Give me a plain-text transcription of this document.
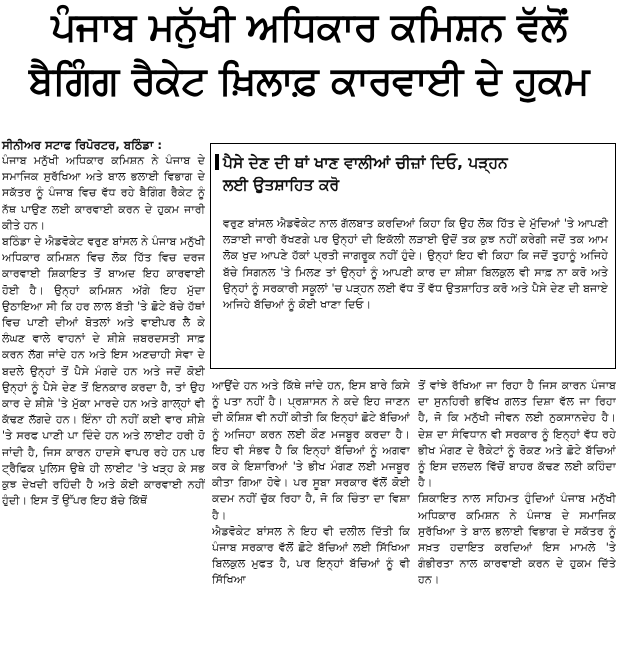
ਪੰਜਾਬ ਮਨੁੱਖੀ ਅਧਿਕਾਰ ਕਮਿਸ਼ਨ ਵੱਲੋਂ
ਬੈਗਿੰਗ ਰੈਕੇਟ ਖ਼ਿਲਾਫ਼ ਕਾਰਵਾਈ ਦੇ ਹੁਕਮ
ਸੀਨੀਅਰ ਸਟਾਫ ਰਿਪੋਰਟਰ, ਬਠਿੰਡਾ :
ਪੰਜਾਬ ਮਨੁੱਖੀ ਅਧਿਕਾਰ ਕਮਿਸ਼ਨ ਨੇ ਪੰਜਾਬ ਦੇ ਸਮਾਜਿਕ ਸੁਰੱਖਿਆ ਅਤੇ ਬਾਲ ਭਲਾਈ ਵਿਭਾਗ ਦੇ ਸਕੱਤਰ ਨੂੰ ਪੰਜਾਬ ਵਿਚ ਵੱਧ ਰਹੇ ਬੈਗਿੰਗ ਰੈਕੇਟ ਨੂੰ ਨੱਥ ਪਾਉਣ ਲਈ ਕਾਰਵਾਈ ਕਰਨ ਦੇ ਹੁਕਮ ਜਾਰੀ ਕੀਤੇ ਹਨ।
ਬਠਿੰਡਾ ਦੇ ਐਡਵੋਕੇਟ ਵਰੁਣ ਬਾਂਸਲ ਨੇ ਪੰਜਾਬ ਮਨੁੱਖੀ ਅਧਿਕਾਰ ਕਮਿਸ਼ਨ ਵਿਚ ਲੋਕ ਹਿੱਤ ਵਿਚ ਦਰਜ ਕਾਰਵਾਈ ਸ਼ਿਕਾਇਤ ਤੋਂ ਬਾਅਦ ਇਹ ਕਾਰਵਾਈ ਹੋਈ ਹੈ। ਉਨ੍ਹਾਂ ਕਮਿਸ਼ਨ ਅੱਗੇ ਇਹ ਮੁੱਦਾ ਉਠਾਇਆ ਸੀ ਕਿ ਹਰ ਲਾਲ ਬੱਤੀ 'ਤੇ ਛੋਟੇ ਬੱਚੇ ਹੱਥਾਂ ਵਿਚ ਪਾਣੀ ਦੀਆਂ ਬੋਤਲਾਂ ਅਤੇ ਵਾਈਪਰ ਲੈ ਕੇ ਲੰਘਣ ਵਾਲੇ ਵਾਹਨਾਂ ਦੇ ਸ਼ੀਸ਼ੇ ਜ਼ਬਰਦਸਤੀ ਸਾਫ਼ ਕਰਨ ਲੱਗ ਜਾਂਦੇ ਹਨ ਅਤੇ ਇਸ ਅਣਚਾਹੀ ਸੇਵਾ ਦੇ ਬਦਲੇ ਉਨ੍ਹਾਂ ਤੋਂ ਪੈਸੇ ਮੰਗਦੇ ਹਨ ਅਤੇ ਜਦੋਂ ਕੋਈ ਉਨ੍ਹਾਂ ਨੂੰ ਪੈਸੇ ਦੇਣ ਤੋਂ ਇਨਕਾਰ ਕਰਦਾ ਹੈ, ਤਾਂ ਉਹ ਕਾਰ ਦੇ ਸ਼ੀਸ਼ੇ 'ਤੇ ਮੁੱਕਾ ਮਾਰਦੇ ਹਨ ਅਤੇ ਗਾਲ੍ਹਾਂ ਵੀ ਕੱਢਣ ਲੱਗਦੇ ਹਨ। ਇੰਨਾ ਹੀ ਨਹੀਂ ਕਈ ਵਾਰ ਸ਼ੀਸ਼ੇ 'ਤੇ ਸਰਫ ਪਾਣੀ ਪਾ ਦਿੰਦੇ ਹਨ ਅਤੇ ਲਾਈਟ ਹਰੀ ਹੋ ਜਾਂਦੀ ਹੈ, ਜਿਸ ਕਾਰਨ ਹਾਦਸੇ ਵਾਪਰ ਰਹੇ ਹਨ ਪਰ ਟ੍ਰੈਫਿਕ ਪੁਲਿਸ ਉਥੇ ਹੀ ਲਾਈਟ 'ਤੇ ਖੜ੍ਹ ਕੇ ਸਭ ਕੁਝ ਦੇਖਦੀ ਰਹਿੰਦੀ ਹੈ ਅਤੇ ਕੋਈ ਕਾਰਵਾਈ ਨਹੀਂ ਹੁੰਦੀ। ਇਸ ਤੋਂ ਉੱਪਰ ਇਹ ਬੱਚੇ ਕਿੱਥੋਂ
ਪੈਸੇ ਦੇਣ ਦੀ ਥਾਂ ਖਾਣ ਵਾਲੀਆਂ ਚੀਜ਼ਾਂ ਦਿਓ, ਪੜ੍ਹਨ
ਲਈ ਉਤਸ਼ਾਹਿਤ ਕਰੋ
ਵਰੁਣ ਬਾਂਸਲ ਐਡਵੋਕੇਟ ਨਾਲ ਗੱਲਬਾਤ ਕਰਦਿਆਂ ਕਿਹਾ ਕਿ ਉਹ ਲੋਕ ਹਿੱਤ ਦੇ ਮੁੱਦਿਆਂ 'ਤੇ ਆਪਣੀ ਲੜਾਈ ਜਾਰੀ ਰੱਖਣਗੇ ਪਰ ਉਨ੍ਹਾਂ ਦੀ ਇਕੱਲੀ ਲੜਾਈ ਉਦੋਂ ਤਕ ਕੁਝ ਨਹੀਂ ਕਰੇਗੀ ਜਦੋਂ ਤਕ ਆਮ ਲੋਕ ਖੁਦ ਆਪਣੇ ਹੱਕਾਂ ਪ੍ਰਤੀ ਜਾਗਰੂਕ ਨਹੀਂ ਹੁੰਦੇ। ਉਨ੍ਹਾਂ ਇਹ ਵੀ ਕਿਹਾ ਕਿ ਜਦੋਂ ਤੁਹਾਨੂੰ ਅਜਿਹੇ ਬੱਚੇ ਸਿਗਨਲ 'ਤੇ ਮਿਲਣ ਤਾਂ ਉਨ੍ਹਾਂ ਨੂੰ ਆਪਣੀ ਕਾਰ ਦਾ ਸ਼ੀਸ਼ਾ ਬਿਲਕੁਲ ਵੀ ਸਾਫ਼ ਨਾ ਕਰੋ ਅਤੇ ਉਨ੍ਹਾਂ ਨੂੰ ਸਰਕਾਰੀ ਸਕੂਲਾਂ 'ਚ ਪੜ੍ਹਨ ਲਈ ਵੱਧ ਤੋਂ ਵੱਧ ਉਤਸ਼ਾਹਿਤ ਕਰੋ ਅਤੇ ਪੈਸੇ ਦੇਣ ਦੀ ਬਜਾਏ ਅਜਿਹੇ ਬੱਚਿਆਂ ਨੂੰ ਕੋਈ ਖਾਣਾ ਦਿਓ।
ਆਉਂਦੇ ਹਨ ਅਤੇ ਕਿੱਥੇ ਜਾਂਦੇ ਹਨ, ਇਸ ਬਾਰੇ ਕਿਸੇ ਨੂੰ ਪਤਾ ਨਹੀਂ ਹੈ। ਪ੍ਰਸ਼ਾਸਨ ਨੇ ਕਦੇ ਇਹ ਜਾਣਨ ਦੀ ਕੋਸ਼ਿਸ਼ ਵੀ ਨਹੀਂ ਕੀਤੀ ਕਿ ਇਨ੍ਹਾਂ ਛੋਟੇ ਬੱਚਿਆਂ ਨੂੰ ਅਜਿਹਾ ਕਰਨ ਲਈ ਕੌਣ ਮਜਬੂਰ ਕਰਦਾ ਹੈ। ਇਹ ਵੀ ਸੰਭਵ ਹੈ ਕਿ ਇਨ੍ਹਾਂ ਬੱਚਿਆਂ ਨੂੰ ਅਗਵਾ ਕਰ ਕੇ ਇਸ਼ਾਰਿਆਂ 'ਤੇ ਭੀਖ ਮੰਗਣ ਲਈ ਮਜਬੂਰ ਕੀਤਾ ਗਿਆ ਹੋਵੇ। ਪਰ ਸੂਬਾ ਸਰਕਾਰ ਵੱਲੋਂ ਕੋਈ ਕਦਮ ਨਹੀਂ ਚੁੱਕ ਰਿਹਾ ਹੈ, ਜੋ ਕਿ ਚਿੰਤਾ ਦਾ ਵਿਸ਼ਾ ਹੈ।
ਐਡਵੋਕੇਟ ਬਾਂਸਲ ਨੇ ਇਹ ਵੀ ਦਲੀਲ ਦਿੱਤੀ ਕਿ ਪੰਜਾਬ ਸਰਕਾਰ ਵੱਲੋਂ ਛੋਟੇ ਬੱਚਿਆਂ ਲਈ ਸਿੱਖਿਆ ਬਿਲਕੁਲ ਮੁਫਤ ਹੈ, ਪਰ ਇਨ੍ਹਾਂ ਬੱਚਿਆਂ ਨੂੰ ਵੀ ਸਿੱਖਿਆ
ਤੋਂ ਵਾਂਝੇ ਰੱਖਿਆ ਜਾ ਰਿਹਾ ਹੈ ਜਿਸ ਕਾਰਨ ਪੰਜਾਬ ਦਾ ਸੁਨਹਿਰੀ ਭਵਿੱਖ ਗਲਤ ਦਿਸ਼ਾ ਵੱਲ ਜਾ ਰਿਹਾ ਹੈ, ਜੋ ਕਿ ਮਨੁੱਖੀ ਜੀਵਨ ਲਈ ਨੁਕਸਾਨਦੇਹ ਹੈ। ਦੇਸ਼ ਦਾ ਸੰਵਿਧਾਨ ਵੀ ਸਰਕਾਰ ਨੂੰ ਇਨ੍ਹਾਂ ਵੱਧ ਰਹੇ ਭੀਖ ਮੰਗਣ ਦੇ ਰੈਕੇਟਾਂ ਨੂੰ ਰੋਕਣ ਅਤੇ ਛੋਟੇ ਬੱਚਿਆਂ ਨੂੰ ਇਸ ਦਲਦਲ ਵਿੱਚੋਂ ਬਾਹਰ ਕੱਢਣ ਲਈ ਕਹਿੰਦਾ ਹੈ।
ਸ਼ਿਕਾਇਤ ਨਾਲ ਸਹਿਮਤ ਹੁੰਦਿਆਂ ਪੰਜਾਬ ਮਨੁੱਖੀ ਅਧਿਕਾਰ ਕਮਿਸ਼ਨ ਨੇ ਪੰਜਾਬ ਦੇ ਸਮਾਜਿਕ ਸੁਰੱਖਿਆ ਤੇ ਬਾਲ ਭਲਾਈ ਵਿਭਾਗ ਦੇ ਸਕੱਤਰ ਨੂੰ ਸਖ਼ਤ ਹਦਾਇਤ ਕਰਦਿਆਂ ਇਸ ਮਾਮਲੇ 'ਤੇ ਗੰਭੀਰਤਾ ਨਾਲ ਕਾਰਵਾਈ ਕਰਨ ਦੇ ਹੁਕਮ ਦਿੱਤੇ ਹਨ।
